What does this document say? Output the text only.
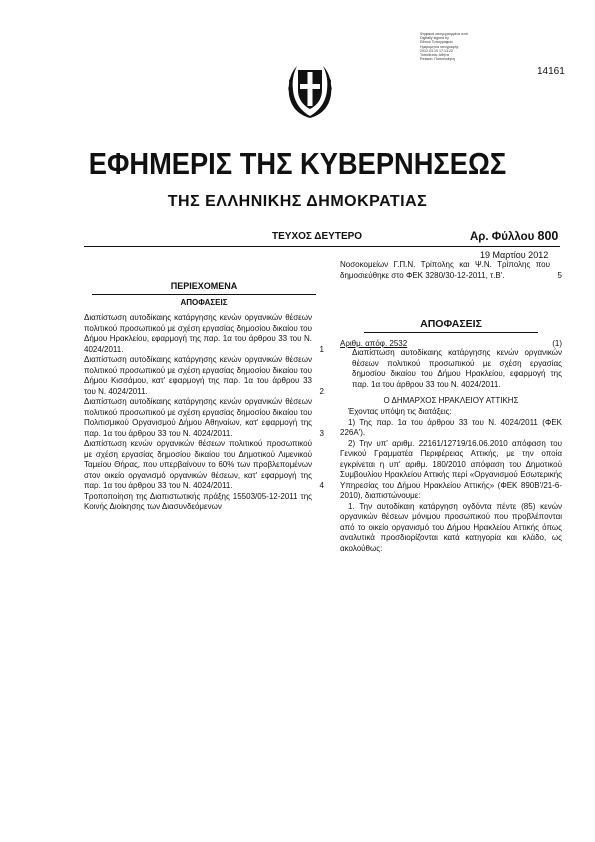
Ψηφιακά υπογεγραμμένο από
Digitally signed by
Εθνικό Τυπογραφείο
Ημερομηνία υπογραφής
2012.03.19 17:13:22
Τοποθεσία: Αθήνα
Reason: Πιστοποίηση
14161
ΕΦΗΜΕΡΙΣ ΤΗΣ ΚΥΒΕΡΝΗΣΕΩΣ
ΤΗΣ ΕΛΛΗΝΙΚΗΣ ΔΗΜΟΚΡΑΤΙΑΣ
ΤΕΥΧΟΣ ΔΕΥΤΕΡΟ	Αρ. Φύλλου 800
19 Μαρτίου 2012
ΠΕΡΙΕΧΟΜΕΝΑ
ΑΠΟΦΑΣΕΙΣ
Διαπίστωση αυτοδίκαιης κατάργησης κενών οργανικών θέσεων πολιτικού προσωπικού με σχέση εργασίας δημοσίου δικαίου του Δήμου Ηρακλείου, εφαρμογή της παρ. 1α του άρθρου 33 του Ν. 4024/2011.	1
Διαπίστωση αυτοδίκαιης κατάργησης κενών οργανικών θέσεων πολιτικού προσωπικού με σχέση εργασίας δημοσίου δικαίου του Δήμου Κισσάμου, κατ' εφαρμογή της παρ. 1α του άρθρου 33 του Ν. 4024/2011.	2
Διαπίστωση αυτοδίκαιης κατάργησης κενών οργανικών θέσεων πολιτικού προσωπικού με σχέση εργασίας δημοσίου δικαίου του Πολιτισμικού Οργανισμού Δήμου Αθηναίων, κατ' εφαρμογή της παρ. 1α του άρθρου 33 του Ν. 4024/2011.	3
Διαπίστωση κενών οργανικών θέσεων πολιτικού προσωπικού με σχέση εργασίας δημοσίου δικαίου του Δημοτικού Λιμενικού Ταμείου Θήρας, που υπερβαίνουν το 60% των προβλεπομένων στον οικείο οργανισμό οργανικών θέσεων, κατ' εφαρμογή της παρ. 1α του άρθρου 33 του Ν. 4024/2011.	4
Τροποποίηση της Διαπιστωτικής πράξης 15503/05-12-2011 της Κοινής Διοίκησης των Διασυνδεόμενων
Νοσοκομείων Γ.Π.Ν. Τρίπολης και Ψ.Ν. Τρίπολης που δημοσιεύθηκε στο ΦΕΚ 3280/30-12-2011, τ.Β'.	5
ΑΠΟΦΑΣΕΙΣ
Αριθμ. απόφ. 2532	(1)
Διαπίστωση αυτοδίκαιης κατάργησης κενών οργανικών θέσεων πολιτικού προσωπικού με σχέση εργασίας δημοσίου δικαίου του Δήμου Ηρακλείου, εφαρμογή της παρ. 1α του άρθρου 33 του Ν. 4024/2011.
Ο ΔΗΜΑΡΧΟΣ ΗΡΑΚΛΕΙΟΥ ΑΤΤΙΚΗΣ
Έχοντας υπόψη τις διατάξεις:
1) Της παρ. 1α του άρθρου 33 του Ν. 4024/2011 (ΦΕΚ 226Α').
2) Την υπ' αριθμ. 22161/12719/16.06.2010 απόφαση του Γενικού Γραμματέα Περιφέρειας Αττικής, με την οποία εγκρίνεται η υπ' αριθμ. 180/2010 απόφαση του Δημοτικού Συμβουλίου Ηρακλείου Αττικής περί «Οργανισμού Εσωτερικής Υπηρεσίας του Δήμου Ηρακλείου Αττικής» (ΦΕΚ 890Β'/21-6-2010), διαπιστώνουμε:
1. Την αυτοδίκαιη κατάργηση ογδόντα πέντε (85) κενών οργανικών θέσεων μόνιμου προσωπικού που προβλέπονται από το οικείο οργανισμό του Δήμου Ηρακλείου Αττικής όπως αναλυτικά προσδιορίζονται κατά κατηγορία και κλάδο, ως ακολούθως:
